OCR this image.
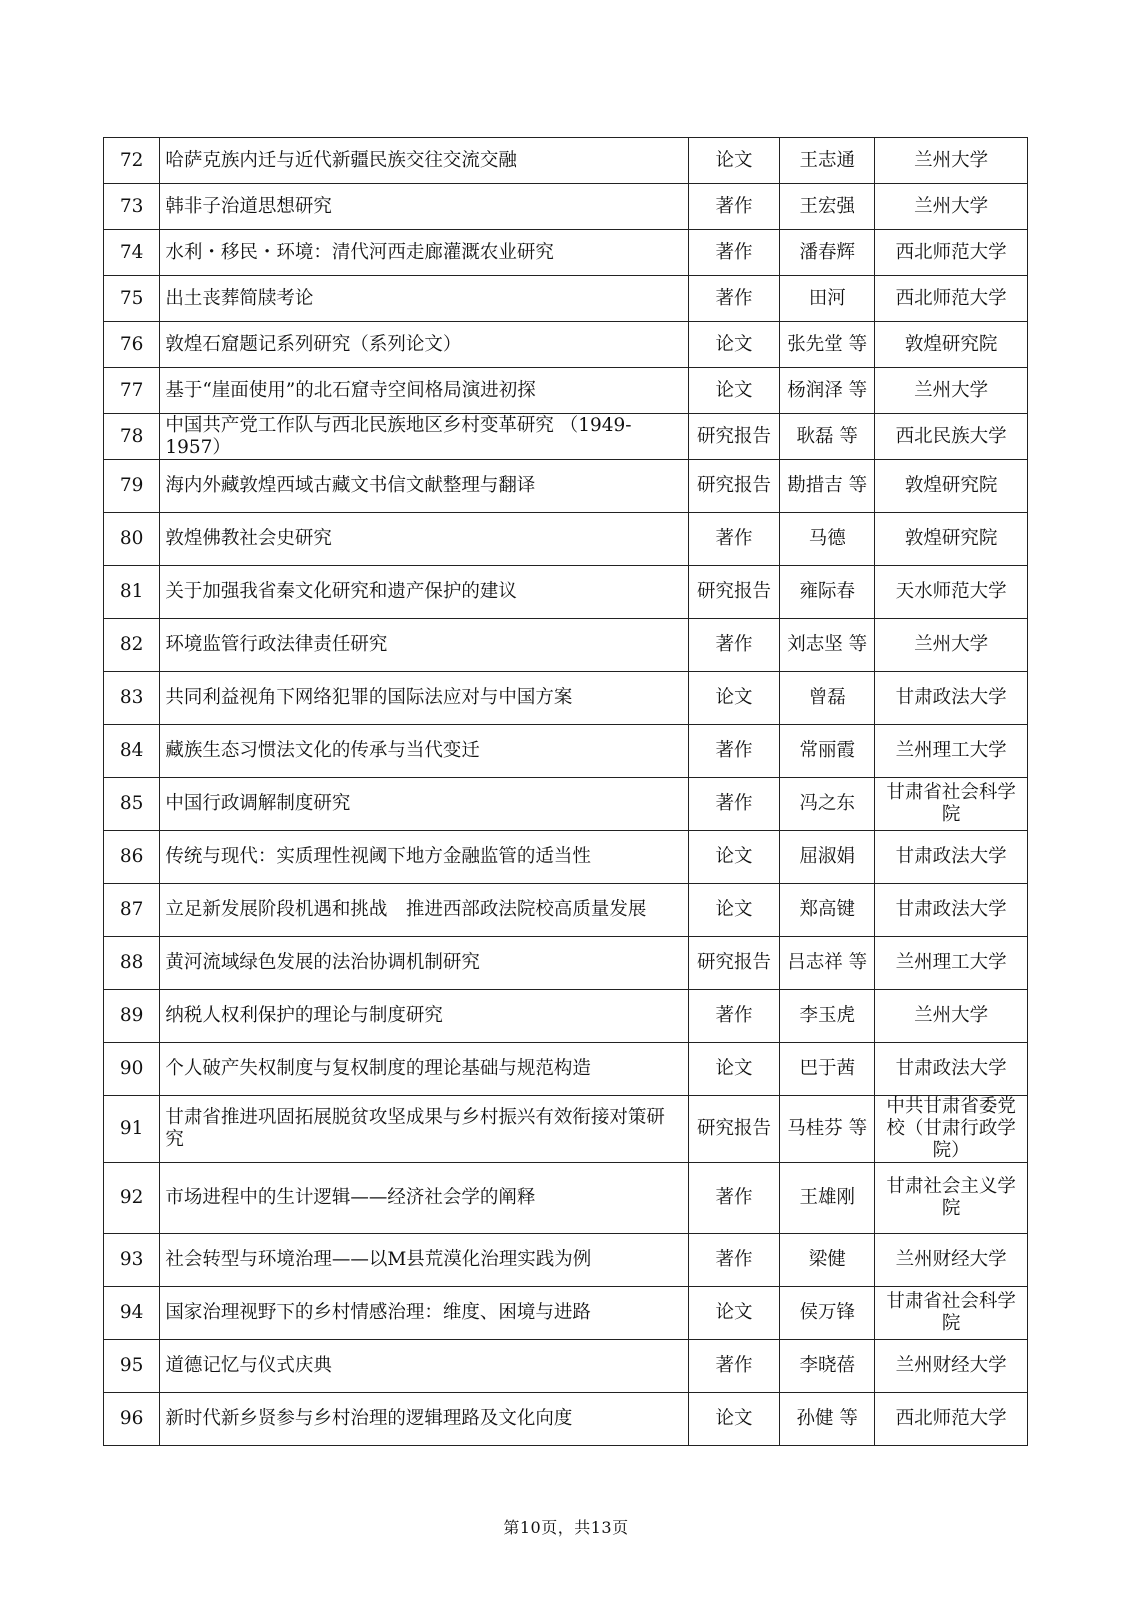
72	哈萨克族内迁与近代新疆民族交往交流交融	论文	王志通	兰州大学
73	韩非子治道思想研究	著作	王宏强	兰州大学
74	水利・移民・环境：清代河西走廊灌溉农业研究	著作	潘春辉	西北师范大学
75	出土丧葬简牍考论	著作	田河	西北师范大学
76	敦煌石窟题记系列研究（系列论文）	论文	张先堂 等	敦煌研究院
77	基于“崖面使用”的北石窟寺空间格局演进初探	论文	杨润泽 等	兰州大学
78	中国共产党工作队与西北民族地区乡村变革研究 （1949-1957）	研究报告	耿磊 等	西北民族大学
79	海内外藏敦煌西域古藏文书信文献整理与翻译	研究报告	勘措吉 等	敦煌研究院
80	敦煌佛教社会史研究	著作	马德	敦煌研究院
81	关于加强我省秦文化研究和遗产保护的建议	研究报告	雍际春	天水师范大学
82	环境监管行政法律责任研究	著作	刘志坚 等	兰州大学
83	共同利益视角下网络犯罪的国际法应对与中国方案	论文	曾磊	甘肃政法大学
84	藏族生态习惯法文化的传承与当代变迁	著作	常丽霞	兰州理工大学
85	中国行政调解制度研究	著作	冯之东	甘肃省社会科学院
86	传统与现代：实质理性视阈下地方金融监管的适当性	论文	屈淑娟	甘肃政法大学
87	立足新发展阶段机遇和挑战　推进西部政法院校高质量发展	论文	郑高键	甘肃政法大学
88	黄河流域绿色发展的法治协调机制研究	研究报告	吕志祥 等	兰州理工大学
89	纳税人权利保护的理论与制度研究	著作	李玉虎	兰州大学
90	个人破产失权制度与复权制度的理论基础与规范构造	论文	巴于茜	甘肃政法大学
91	甘肃省推进巩固拓展脱贫攻坚成果与乡村振兴有效衔接对策研究	研究报告	马桂芬 等	中共甘肃省委党校（甘肃行政学院）
92	市场进程中的生计逻辑——经济社会学的阐释	著作	王雄刚	甘肃社会主义学院
93	社会转型与环境治理——以M县荒漠化治理实践为例	著作	梁健	兰州财经大学
94	国家治理视野下的乡村情感治理：维度、困境与进路	论文	侯万锋	甘肃省社会科学院
95	道德记忆与仪式庆典	著作	李晓蓓	兰州财经大学
96	新时代新乡贤参与乡村治理的逻辑理路及文化向度	论文	孙健 等	西北师范大学
第10页，共13页
